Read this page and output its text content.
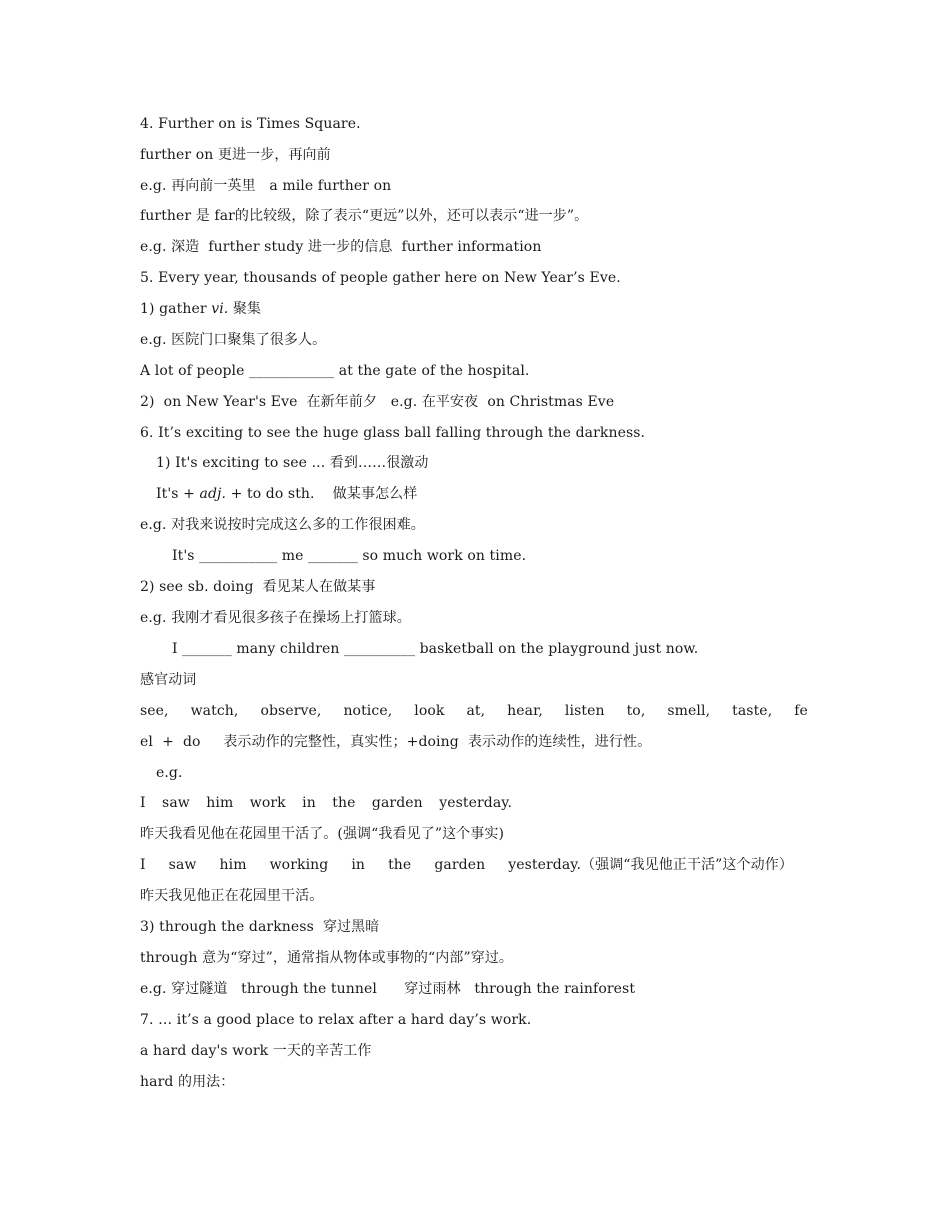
4. Further on is Times Square.
further on 更进一步，再向前
e.g. 再向前一英里   a mile further on
further 是 far的比较级，除了表示“更远”以外，还可以表示“进一步”。
e.g. 深造  further study 进一步的信息  further information
5. Every year, thousands of people gather here on New Year’s Eve.
1) gather vi. 聚集
e.g. 医院门口聚集了很多人。
A lot of people ____________ at the gate of the hospital.
2)  on New Year's Eve  在新年前夕   e.g. 在平安夜  on Christmas Eve
6. It’s exciting to see the huge glass ball falling through the darkness.
1) It's exciting to see ... 看到……很激动
It's + adj. + to do sth.    做某事怎么样
e.g. 对我来说按时完成这么多的工作很困难。
It's ___________ me _______ so much work on time.
2) see sb. doing  看见某人在做某事
e.g. 我刚才看见很多孩子在操场上打篮球。
I _______ many children __________ basketball on the playground just now.
感官动词
see, watch, observe, notice, look at, hear, listen to, smell, taste, fe
el  +  do     表示动作的完整性，真实性；+doing  表示动作的连续性，进行性。
e.g.
I saw him work in the garden yesterday.
昨天我看见他在花园里干活了。(强调“我看见了”这个事实)
I saw him working in the garden yesterday.（强调“我见他正干活”这个动作）
昨天我见他正在花园里干活。
3) through the darkness  穿过黑暗
through 意为“穿过”，通常指从物体或事物的“内部”穿过。
e.g. 穿过隧道   through the tunnel      穿过雨林   through the rainforest
7. … it’s a good place to relax after a hard day’s work.
a hard day's work 一天的辛苦工作
hard 的用法：
